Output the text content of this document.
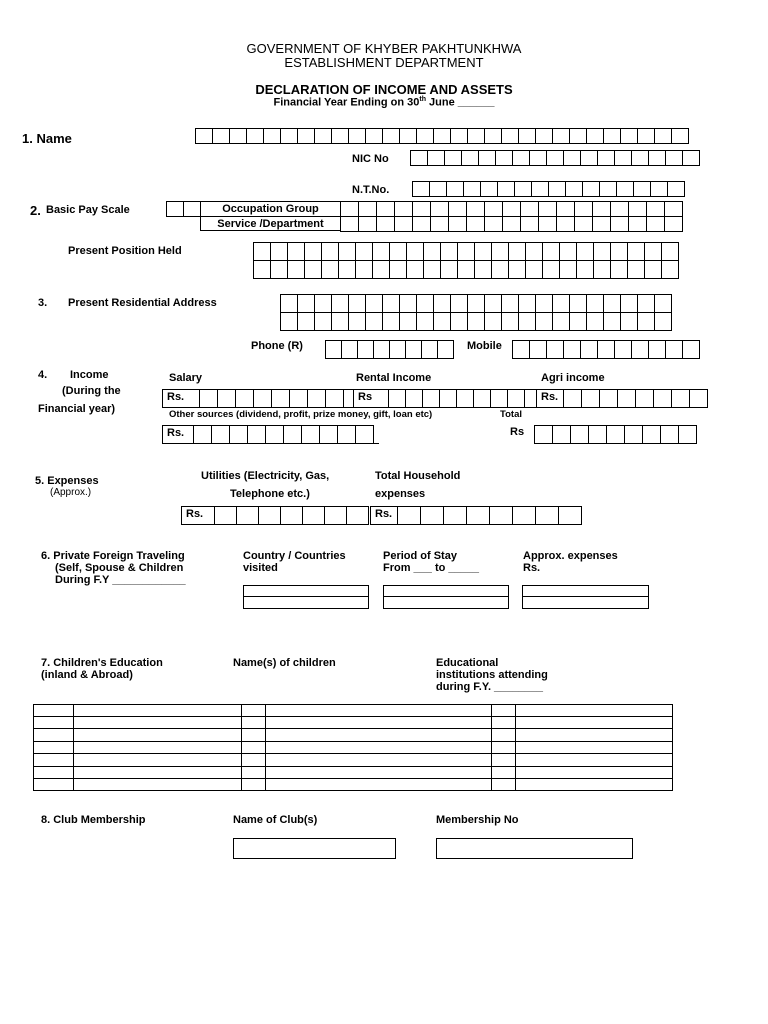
GOVERNMENT OF KHYBER PAKHTUNKHWA
ESTABLISHMENT DEPARTMENT
DECLARATION OF INCOME AND ASSETS
Financial Year Ending on 30th June ______
1. Name
NIC No
N.T.No.
2. Basic Pay Scale	Occupation Group
Service /Department
Present Position Held
3. Present Residential Address
Phone (R)	Mobile
4. Income
(During the
Financial year)
Salary	Rental Income	Agri income
Rs.	Rs	Rs.
Other sources (dividend, profit, prize money, gift, loan etc)	Total
Rs.	Rs
5. Expenses
(Approx.)
Utilities (Electricity, Gas,
Telephone etc.)
Total Household
expenses
Rs.	Rs.
6. Private Foreign Traveling
(Self, Spouse & Children
During F.Y ____________
Country / Countries
visited
Period of Stay
From ___ to _____
Approx. expenses
Rs.
7. Children's Education
(inland & Abroad)
Name(s) of children	Educational
institutions attending
during F.Y. ________
8. Club Membership	Name of Club(s)	Membership No
